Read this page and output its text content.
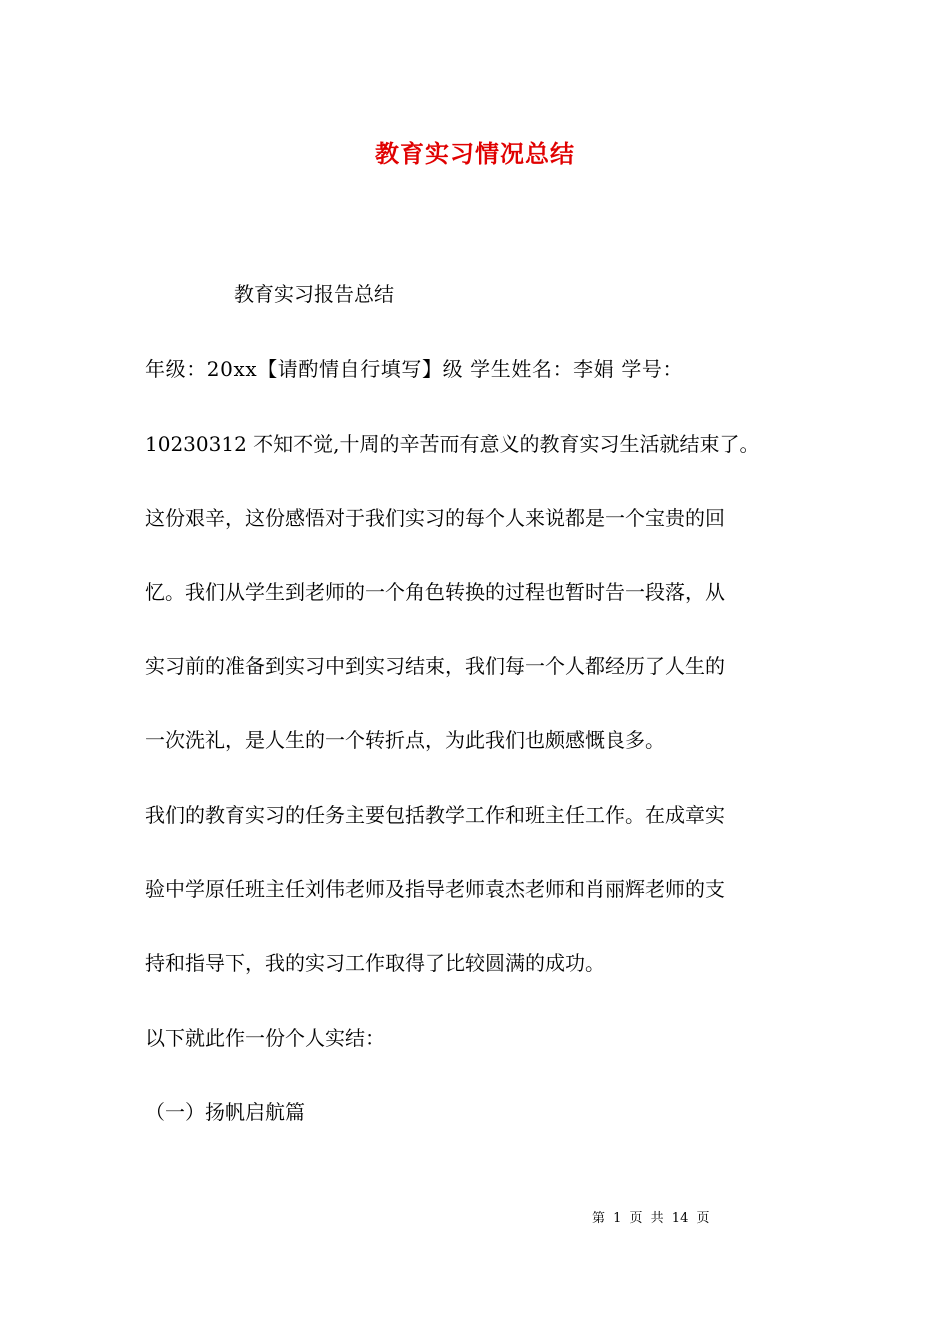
教育实习情况总结

教育实习报告总结

年级：20xx【请酌情自行填写】级 学生姓名：李娟 学号：

10230312 不知不觉,十周的辛苦而有意义的教育实习生活就结束了。

这份艰辛，这份感悟对于我们实习的每个人来说都是一个宝贵的回

忆。我们从学生到老师的一个角色转换的过程也暂时告一段落，从

实习前的准备到实习中到实习结束，我们每一个人都经历了人生的

一次洗礼，是人生的一个转折点，为此我们也颇感慨良多。

我们的教育实习的任务主要包括教学工作和班主任工作。在成章实

验中学原任班主任刘伟老师及指导老师袁杰老师和肖丽辉老师的支

持和指导下，我的实习工作取得了比较圆满的成功。

以下就此作一份个人实结：

（一）扬帆启航篇

第 1 页 共 14 页
